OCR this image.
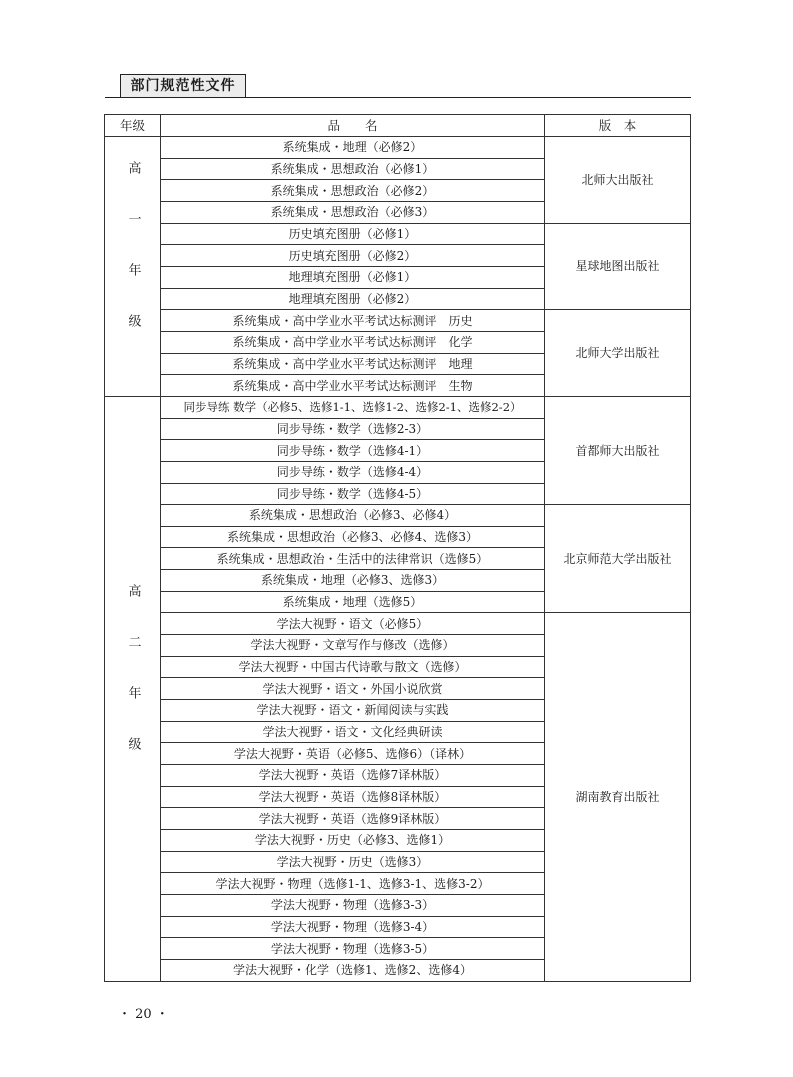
部门规范性文件
年级	品　　名	版　本
高一年级	系统集成・地理（必修2）	北师大出版社
	系统集成・思想政治（必修1）	
	系统集成・思想政治（必修2）	
	系统集成・思想政治（必修3）	
	历史填充图册（必修1）	星球地图出版社
	历史填充图册（必修2）	
	地理填充图册（必修1）	
	地理填充图册（必修2）	
	系统集成・高中学业水平考试达标测评　历史	北师大学出版社
	系统集成・高中学业水平考试达标测评　化学	
	系统集成・高中学业水平考试达标测评　地理	
	系统集成・高中学业水平考试达标测评　生物	
高二年级	同步导练 数学（必修5、选修1-1、选修1-2、选修2-1、选修2-2）	首都师大出版社
	同步导练・数学（选修2-3）	
	同步导练・数学（选修4-1）	
	同步导练・数学（选修4-4）	
	同步导练・数学（选修4-5）	
	系统集成・思想政治（必修3、必修4）	北京师范大学出版社
	系统集成・思想政治（必修3、必修4、选修3）	
	系统集成・思想政治・生活中的法律常识（选修5）	
	系统集成・地理（必修3、选修3）	
	系统集成・地理（选修5）	
	学法大视野・语文（必修5）	湖南教育出版社
	学法大视野・文章写作与修改（选修）	
	学法大视野・中国古代诗歌与散文（选修）	
	学法大视野・语文・外国小说欣赏	
	学法大视野・语文・新闻阅读与实践	
	学法大视野・语文・文化经典研读	
	学法大视野・英语（必修5、选修6）（译林）	
	学法大视野・英语（选修7译林版）	
	学法大视野・英语（选修8译林版）	
	学法大视野・英语（选修9译林版）	
	学法大视野・历史（必修3、选修1）	
	学法大视野・历史（选修3）	
	学法大视野・物理（选修1-1、选修3-1、选修3-2）	
	学法大视野・物理（选修3-3）	
	学法大视野・物理（选修3-4）	
	学法大视野・物理（选修3-5）	
	学法大视野・化学（选修1、选修2、选修4）	
・ 20 ・
